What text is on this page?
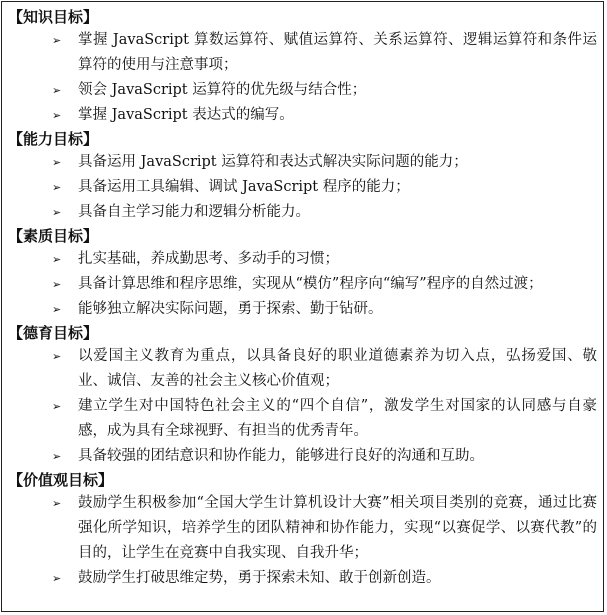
【知识目标】
➢	掌握 JavaScript 算数运算符、赋值运算符、关系运算符、逻辑运算符和条件运算符的使用与注意事项；
➢	领会 JavaScript 运算符的优先级与结合性；
➢	掌握 JavaScript 表达式的编写。
【能力目标】
➢	具备运用 JavaScript 运算符和表达式解决实际问题的能力；
➢	具备运用工具编辑、调试 JavaScript 程序的能力；
➢	具备自主学习能力和逻辑分析能力。
【素质目标】
➢	扎实基础，养成勤思考、多动手的习惯；
➢	具备计算思维和程序思维，实现从“模仿”程序向“编写”程序的自然过渡；
➢	能够独立解决实际问题，勇于探索、勤于钻研。
【德育目标】
➢	以爱国主义教育为重点，以具备良好的职业道德素养为切入点，弘扬爱国、敬业、诚信、友善的社会主义核心价值观；
➢	建立学生对中国特色社会主义的“四个自信”，激发学生对国家的认同感与自豪感，成为具有全球视野、有担当的优秀青年。
➢	具备较强的团结意识和协作能力，能够进行良好的沟通和互助。
【价值观目标】
➢	鼓励学生积极参加“全国大学生计算机设计大赛”相关项目类别的竞赛，通过比赛强化所学知识，培养学生的团队精神和协作能力，实现“以赛促学、以赛代教”的目的，让学生在竞赛中自我实现、自我升华；
➢	鼓励学生打破思维定势，勇于探索未知、敢于创新创造。
